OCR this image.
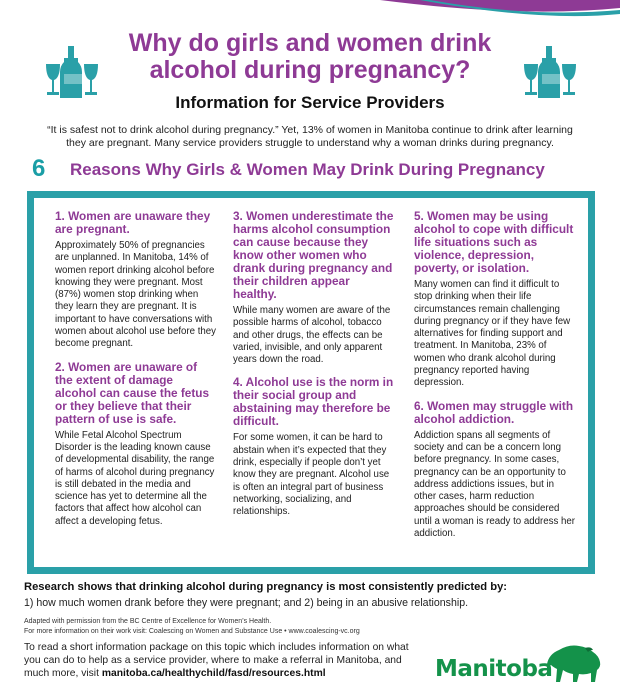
Why do girls and women drink
alcohol during pregnancy?
Information for Service Providers
“It is safest not to drink alcohol during pregnancy.” Yet, 13% of women in Manitoba continue to drink after learning they are pregnant. Many service providers struggle to understand why a woman drinks during pregnancy.
6 Reasons Why Girls & Women May Drink During Pregnancy
1. Women are unaware they are pregnant.
Approximately 50% of pregnancies are unplanned. In Manitoba, 14% of women report drinking alcohol before knowing they were pregnant. Most (87%) women stop drinking when they learn they are pregnant. It is important to have conversations with women about alcohol use before they become pregnant.
2. Women are unaware of the extent of damage alcohol can cause the fetus or they believe that their pattern of use is safe.
While Fetal Alcohol Spectrum Disorder is the leading known cause of developmental disability, the range of harms of alcohol during pregnancy is still debated in the media and science has yet to determine all the factors that affect how alcohol can affect a developing fetus.
3. Women underestimate the harms alcohol consumption can cause because they know other women who drank during pregnancy and their children appear healthy.
While many women are aware of the possible harms of alcohol, tobacco and other drugs, the effects can be varied, invisible, and only apparent years down the road.
4. Alcohol use is the norm in their social group and abstaining may therefore be difficult.
For some women, it can be hard to abstain when it’s expected that they drink, especially if people don’t yet know they are pregnant. Alcohol use is often an integral part of business networking, socializing, and relationships.
5. Women may be using alcohol to cope with difficult life situations such as violence, depression, poverty, or isolation.
Many women can find it difficult to stop drinking when their life circumstances remain challenging during pregnancy or if they have few alternatives for finding support and treatment. In Manitoba, 23% of women who drank alcohol during pregnancy reported having depression.
6. Women may struggle with alcohol addiction.
Addiction spans all segments of society and can be a concern long before pregnancy. In some cases, pregnancy can be an opportunity to address addictions issues, but in other cases, harm reduction approaches should be considered until a woman is ready to address her addiction.
Research shows that drinking alcohol during pregnancy is most consistently predicted by:
1) how much women drank before they were pregnant; and 2) being in an abusive relationship.
Adapted with permission from the BC Centre of Excellence for Women’s Health.
For more information on their work visit: Coalescing on Women and Substance Use • www.coalescing-vc.org
To read a short information package on this topic which includes information on what you can do to help as a service provider, where to make a referral in Manitoba, and much more, visit manitoba.ca/healthychild/fasd/resources.html	Manitoba
